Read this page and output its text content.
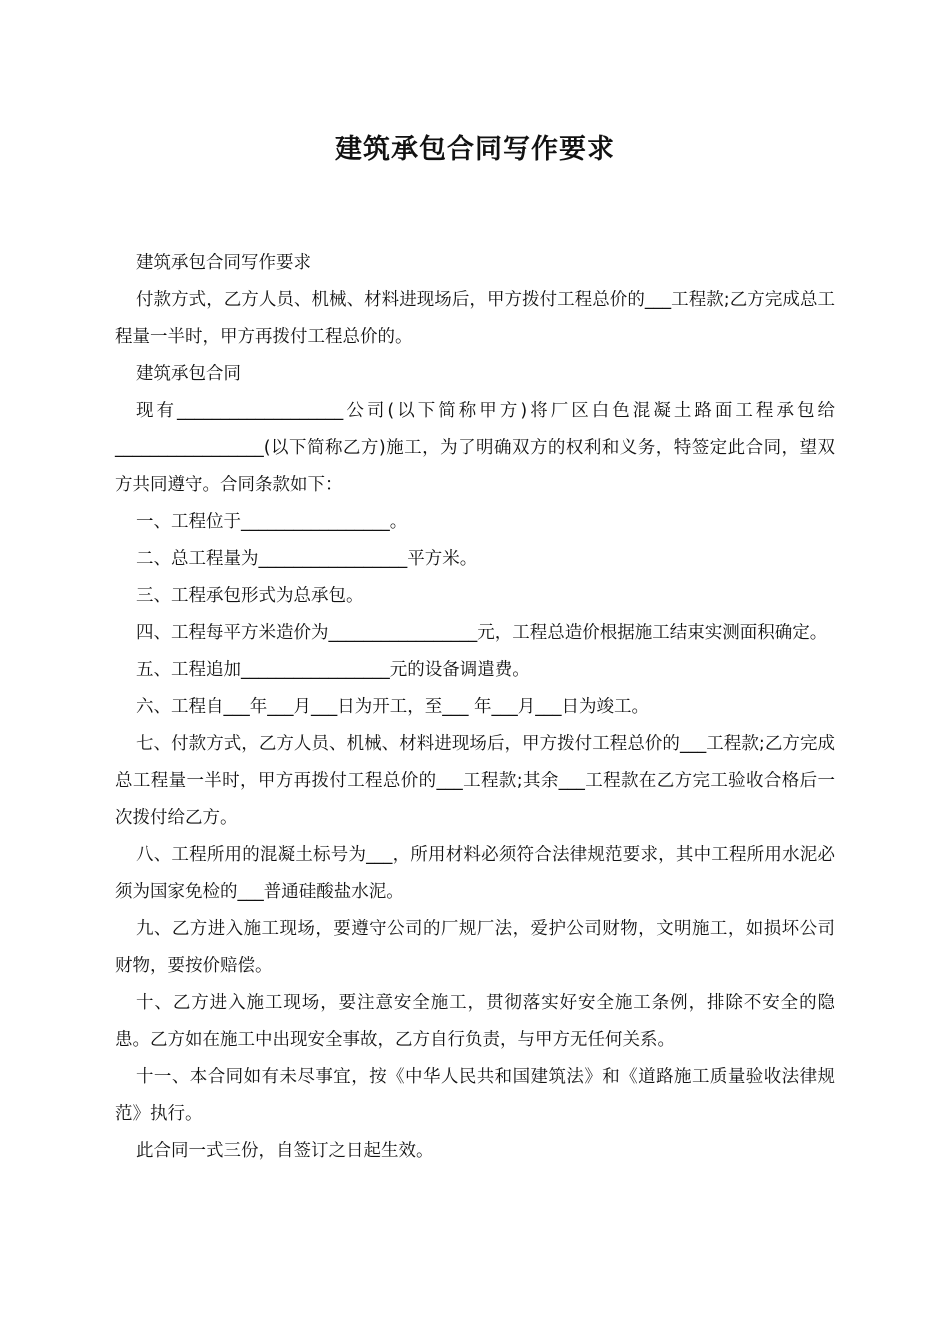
建筑承包合同写作要求

建筑承包合同写作要求

付款方式，乙方人员、机械、材料进现场后，甲方拨付工程总价的___工程款;乙方完成总工程量一半时，甲方再拨付工程总价的。

建筑承包合同

现有___________________公司(以下简称甲方)将厂区白色混凝土路面工程承包给_________________(以下简称乙方)施工，为了明确双方的权利和义务，特签定此合同，望双方共同遵守。合同条款如下：

一、工程位于_________________。

二、总工程量为_________________平方米。

三、工程承包形式为总承包。

四、工程每平方米造价为_________________元，工程总造价根据施工结束实测面积确定。

五、工程追加_________________元的设备调遣费。

六、工程自___年___月___日为开工，至___ 年___月___日为竣工。

七、付款方式，乙方人员、机械、材料进现场后，甲方拨付工程总价的___工程款;乙方完成总工程量一半时，甲方再拨付工程总价的___工程款;其余___工程款在乙方完工验收合格后一次拨付给乙方。

八、工程所用的混凝土标号为___，所用材料必须符合法律规范要求，其中工程所用水泥必须为国家免检的___普通硅酸盐水泥。

九、乙方进入施工现场，要遵守公司的厂规厂法，爱护公司财物，文明施工，如损坏公司财物，要按价赔偿。

十、乙方进入施工现场，要注意安全施工，贯彻落实好安全施工条例，排除不安全的隐患。乙方如在施工中出现安全事故，乙方自行负责，与甲方无任何关系。

十一、本合同如有未尽事宜，按《中华人民共和国建筑法》和《道路施工质量验收法律规范》执行。

此合同一式三份，自签订之日起生效。
